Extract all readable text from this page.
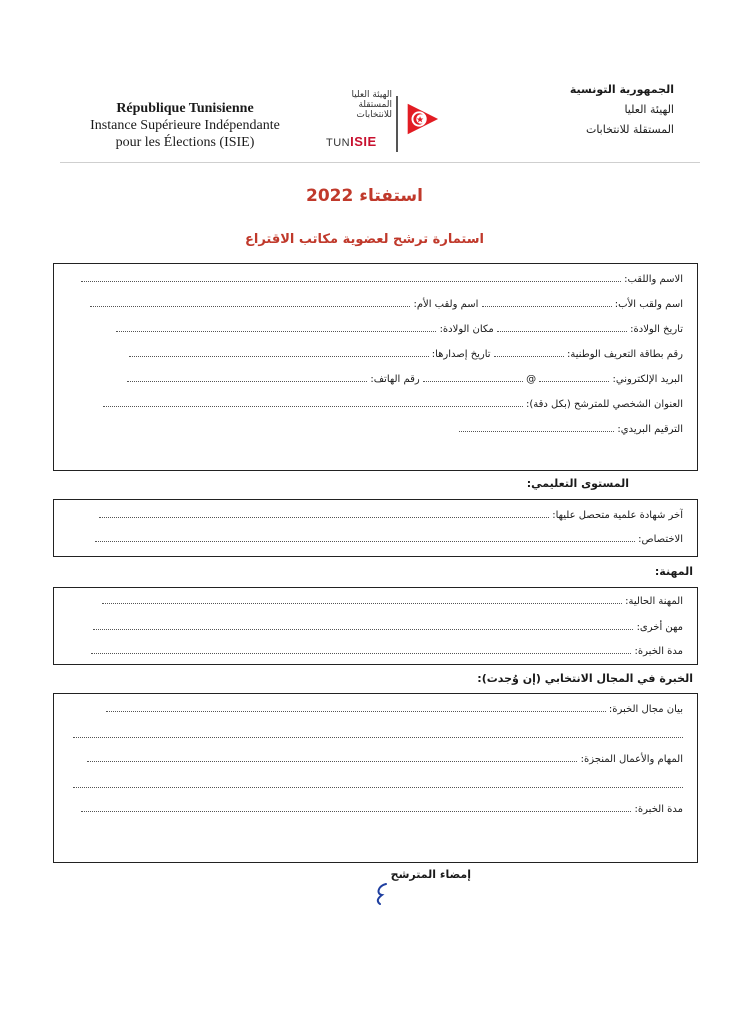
République Tunisienne
Instance Supérieure Indépendante
pour les Élections (ISIE)
الهيئة العليا المستقلة للانتخابات
TUNISIE
الجمهورية التونسية
الهيئة العليا
المستقلة للانتخابات
استفتاء 2022
استمارة ترشح لعضوية مكاتب الاقتراع
الاسم واللقب:
اسم ولقب الأب:  اسم ولقب الأم:
تاريخ الولادة:  مكان الولادة:
رقم بطاقة التعريف الوطنية:  تاريخ إصدارها:
البريد الإلكتروني:  @  رقم الهاتف:
العنوان الشخصي للمترشح (بكل دقة):
الترقيم البريدي:
المستوى التعليمي:
آخر شهادة علمية متحصل عليها:
الاختصاص:
المهنة:
المهنة الحالية:
مهن أخرى:
مدة الخبرة:
الخبرة في المجال الانتخابي (إن وُجدت):
بيان مجال الخبرة:
المهام والأعمال المنجزة:
مدة الخبرة:
إمضاء المترشح
